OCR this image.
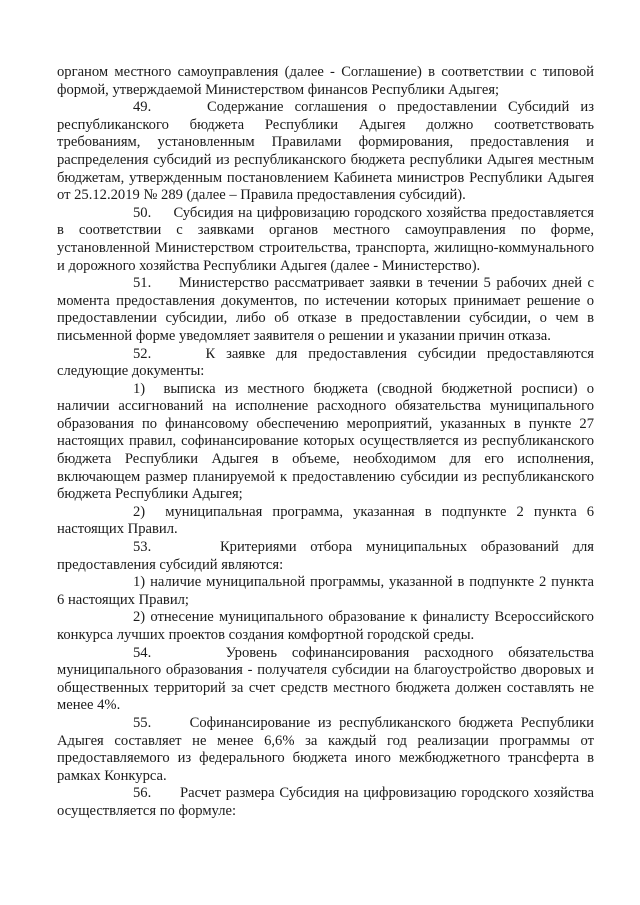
органом местного самоуправления (далее - Соглашение) в соответствии с типовой формой, утверждаемой Министерством финансов Республики Адыгея;

49.	Содержание соглашения о предоставлении Субсидий из республиканского бюджета Республики Адыгея должно соответствовать требованиям, установленным Правилами формирования, предоставления и распределения субсидий из республиканского бюджета республики Адыгея местным бюджетам, утвержденным постановлением Кабинета министров Республики Адыгея от 25.12.2019 № 289 (далее – Правила предоставления субсидий).

50. Субсидия на цифровизацию городского хозяйства предоставляется в соответствии с заявками органов местного самоуправления по форме, установленной Министерством строительства, транспорта, жилищно-коммунального и дорожного хозяйства Республики Адыгея (далее - Министерство).

51. Министерство рассматривает заявки в течении 5 рабочих дней с момента предоставления документов, по истечении которых принимает решение о предоставлении субсидии, либо об отказе в предоставлении субсидии, о чем в письменной форме уведомляет заявителя о решении и указании причин отказа.

52.	К заявке для предоставления субсидии предоставляются следующие документы:

1) выписка из местного бюджета (сводной бюджетной росписи) о наличии ассигнований на исполнение расходного обязательства муниципального образования по финансовому обеспечению мероприятий, указанных в пункте 27 настоящих правил, софинансирование которых осуществляется из республиканского бюджета Республики Адыгея в объеме, необходимом для его исполнения, включающем размер планируемой к предоставлению субсидии из республиканского бюджета Республики Адыгея;

2) муниципальная программа, указанная в подпункте 2 пункта 6 настоящих Правил.

53.	Критериями отбора муниципальных образований для предоставления субсидий являются:

1) наличие муниципальной программы, указанной в подпункте 2 пункта 6 настоящих Правил;

2) отнесение муниципального образование к финалисту Всероссийского конкурса лучших проектов создания комфортной городской среды.

54.	Уровень софинансирования расходного обязательства муниципального образования - получателя субсидии на благоустройство дворовых и общественных территорий за счет средств местного бюджета должен составлять не менее 4%.

55.	Софинансирование из республиканского бюджета Республики Адыгея составляет не менее 6,6% за каждый год реализации программы от предоставляемого из федерального бюджета иного межбюджетного трансферта в рамках Конкурса.

56. Расчет размера Субсидия на цифровизацию городского хозяйства осуществляется по формуле:
